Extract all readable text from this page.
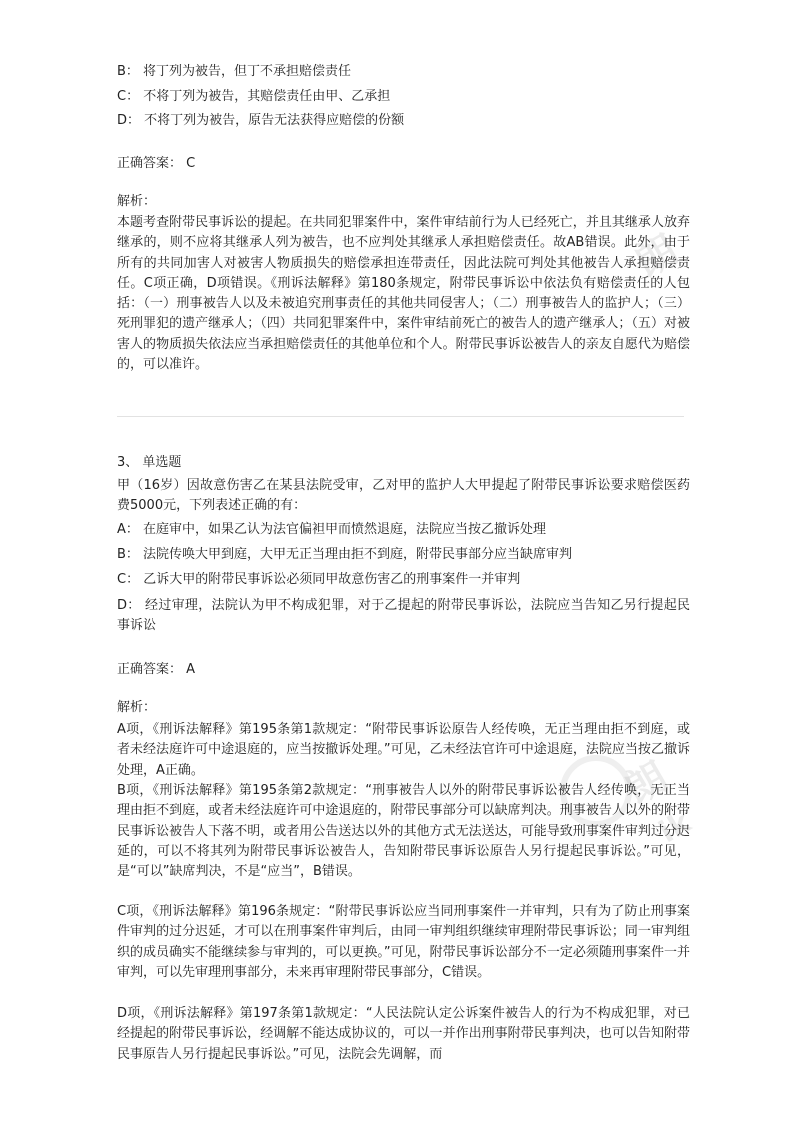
朗
朗
ik
B： 将丁列为被告，但丁不承担赔偿责任
C： 不将丁列为被告，其赔偿责任由甲、乙承担
D： 不将丁列为被告，原告无法获得应赔偿的份额
正确答案： C
解析：

本题考查附带民事诉讼的提起。在共同犯罪案件中，案件审结前行为人已经死亡，并且其继承人放弃继承的，则不应将其继承人列为被告，也不应判处其继承人承担赔偿责任。故AB错误。此外，由于所有的共同加害人对被害人物质损失的赔偿承担连带责任，因此法院可判处其他被告人承担赔偿责任。C项正确，D项错误。《刑诉法解释》第180条规定，附带民事诉讼中依法负有赔偿责任的人包括：（一）刑事被告人以及未被追究刑事责任的其他共同侵害人；（二）刑事被告人的监护人；（三）死刑罪犯的遗产继承人；（四）共同犯罪案件中，案件审结前死亡的被告人的遗产继承人；（五）对被害人的物质损失依法应当承担赔偿责任的其他单位和个人。附带民事诉讼被告人的亲友自愿代为赔偿的，可以准许。

3、 单选题

甲（16岁）因故意伤害乙在某县法院受审，乙对甲的监护人大甲提起了附带民事诉讼要求赔偿医药费5000元，下列表述正确的有：

A： 在庭审中，如果乙认为法官偏袒甲而愤然退庭，法院应当按乙撤诉处理
B： 法院传唤大甲到庭，大甲无正当理由拒不到庭，附带民事部分应当缺席审判
C： 乙诉大甲的附带民事诉讼必须同甲故意伤害乙的刑事案件一并审判

D： 经过审理，法院认为甲不构成犯罪，对于乙提起的附带民事诉讼，法院应当告知乙另行提起民事诉讼

正确答案： A
解析：

A项，《刑诉法解释》第195条第1款规定：“附带民事诉讼原告人经传唤，无正当理由拒不到庭，或者未经法庭许可中途退庭的，应当按撤诉处理。”可见，乙未经法官许可中途退庭，法院应当按乙撤诉处理，A正确。

B项，《刑诉法解释》第195条第2款规定：“刑事被告人以外的附带民事诉讼被告人经传唤，无正当理由拒不到庭，或者未经法庭许可中途退庭的，附带民事部分可以缺席判决。刑事被告人以外的附带民事诉讼被告人下落不明，或者用公告送达以外的其他方式无法送达，可能导致刑事案件审判过分迟延的，可以不将其列为附带民事诉讼被告人，告知附带民事诉讼原告人另行提起民事诉讼。”可见，是“可以”缺席判决，不是“应当”，B错误。

C项，《刑诉法解释》第196条规定：“附带民事诉讼应当同刑事案件一并审判，只有为了防止刑事案件审判的过分迟延，才可以在刑事案件审判后，由同一审判组织继续审理附带民事诉讼；同一审判组织的成员确实不能继续参与审判的，可以更换。”可见，附带民事诉讼部分不一定必须随刑事案件一并审判，可以先审理刑事部分，未来再审理附带民事部分，C错误。

D项，《刑诉法解释》第197条第1款规定：“人民法院认定公诉案件被告人的行为不构成犯罪，对已经提起的附带民事诉讼，经调解不能达成协议的，可以一并作出刑事附带民事判决，也可以告知附带民事原告人另行提起民事诉讼。”可见，法院会先调解，而
